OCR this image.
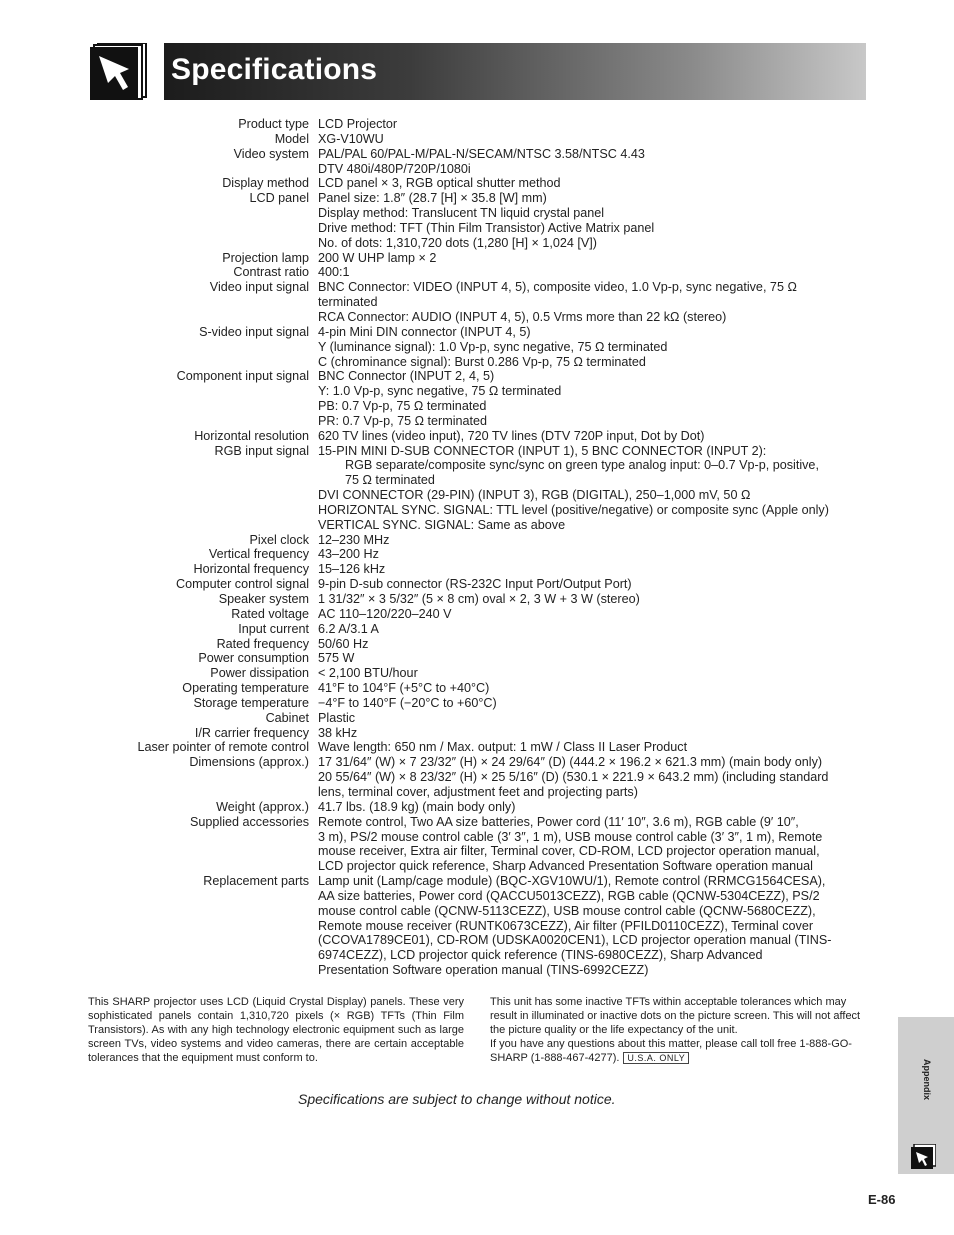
Specifications
Product type LCD Projector
Model XG-V10WU
Video system PAL/PAL 60/PAL-M/PAL-N/SECAM/NTSC 3.58/NTSC 4.43
DTV 480i/480P/720P/1080i
Display method LCD panel × 3, RGB optical shutter method
LCD panel Panel size: 1.8″ (28.7 [H] × 35.8 [W] mm)
Display method: Translucent TN liquid crystal panel
Drive method: TFT (Thin Film Transistor) Active Matrix panel
No. of dots: 1,310,720 dots (1,280 [H] × 1,024 [V])
Projection lamp 200 W UHP lamp × 2
Contrast ratio 400:1
Video input signal BNC Connector: VIDEO (INPUT 4, 5), composite video, 1.0 Vp-p, sync negative, 75 Ω
terminated
RCA Connector: AUDIO (INPUT 4, 5), 0.5 Vrms more than 22 kΩ (stereo)
S-video input signal 4-pin Mini DIN connector (INPUT 4, 5)
Y (luminance signal): 1.0 Vp-p, sync negative, 75 Ω terminated
C (chrominance signal): Burst 0.286 Vp-p, 75 Ω terminated
Component input signal BNC Connector (INPUT 2, 4, 5)
Y: 1.0 Vp-p, sync negative, 75 Ω terminated
PB: 0.7 Vp-p, 75 Ω terminated
PR: 0.7 Vp-p, 75 Ω terminated
Horizontal resolution 620 TV lines (video input), 720 TV lines (DTV 720P input, Dot by Dot)
RGB input signal 15-PIN MINI D-SUB CONNECTOR (INPUT 1), 5 BNC CONNECTOR (INPUT 2):
RGB separate/composite sync/sync on green type analog input: 0–0.7 Vp-p, positive,
75 Ω terminated
DVI CONNECTOR (29-PIN) (INPUT 3), RGB (DIGITAL), 250–1,000 mV, 50 Ω
HORIZONTAL SYNC. SIGNAL: TTL level (positive/negative) or composite sync (Apple only)
VERTICAL SYNC. SIGNAL: Same as above
Pixel clock 12–230 MHz
Vertical frequency 43–200 Hz
Horizontal frequency 15–126 kHz
Computer control signal 9-pin D-sub connector (RS-232C Input Port/Output Port)
Speaker system 1 31/32″ × 3 5/32″ (5 × 8 cm) oval × 2, 3 W + 3 W (stereo)
Rated voltage AC 110–120/220–240 V
Input current 6.2 A/3.1 A
Rated frequency 50/60 Hz
Power consumption 575 W
Power dissipation < 2,100 BTU/hour
Operating temperature 41°F to 104°F (+5°C to +40°C)
Storage temperature −4°F to 140°F (−20°C to +60°C)
Cabinet Plastic
I/R carrier frequency 38 kHz
Laser pointer of remote control Wave length: 650 nm / Max. output: 1 mW / Class II Laser Product
Dimensions (approx.) 17 31/64″ (W) × 7 23/32″ (H) × 24 29/64″ (D) (444.2 × 196.2 × 621.3 mm) (main body only)
20 55/64″ (W) × 8 23/32″ (H) × 25 5/16″ (D) (530.1 × 221.9 × 643.2 mm) (including standard
lens, terminal cover, adjustment feet and projecting parts)
Weight (approx.) 41.7 lbs. (18.9 kg) (main body only)
Supplied accessories Remote control, Two AA size batteries, Power cord (11′ 10″, 3.6 m), RGB cable (9′ 10″,
3 m), PS/2 mouse control cable (3′ 3″, 1 m), USB mouse control cable (3′ 3″, 1 m), Remote
mouse receiver, Extra air filter, Terminal cover, CD-ROM, LCD projector operation manual,
LCD projector quick reference, Sharp Advanced Presentation Software operation manual
Replacement parts Lamp unit (Lamp/cage module) (BQC-XGV10WU/1), Remote control (RRMCG1564CESA),
AA size batteries, Power cord (QACCU5013CEZZ), RGB cable (QCNW-5304CEZZ), PS/2
mouse control cable (QCNW-5113CEZZ), USB mouse control cable (QCNW-5680CEZZ),
Remote mouse receiver (RUNTK0673CEZZ), Air filter (PFILD0110CEZZ), Terminal cover
(CCOVA1789CE01), CD-ROM (UDSKA0020CEN1), LCD projector operation manual (TINS-
6974CEZZ), LCD projector quick reference (TINS-6980CEZZ), Sharp Advanced
Presentation Software operation manual (TINS-6992CEZZ)

This SHARP projector uses LCD (Liquid Crystal Display) panels. These very sophisticated panels contain 1,310,720 pixels (× RGB) TFTs (Thin Film Transistors). As with any high technology electronic equipment such as large screen TVs, video systems and video cameras, there are certain acceptable tolerances that the equipment must conform to.

This unit has some inactive TFTs within acceptable tolerances which may result in illuminated or inactive dots on the picture screen. This will not affect the picture quality or the life expectancy of the unit.

If you have any questions about this matter, please call toll free 1-888-GO-SHARP (1-888-467-4277). U.S.A. ONLY

Specifications are subject to change without notice.	Appendix
E-86
